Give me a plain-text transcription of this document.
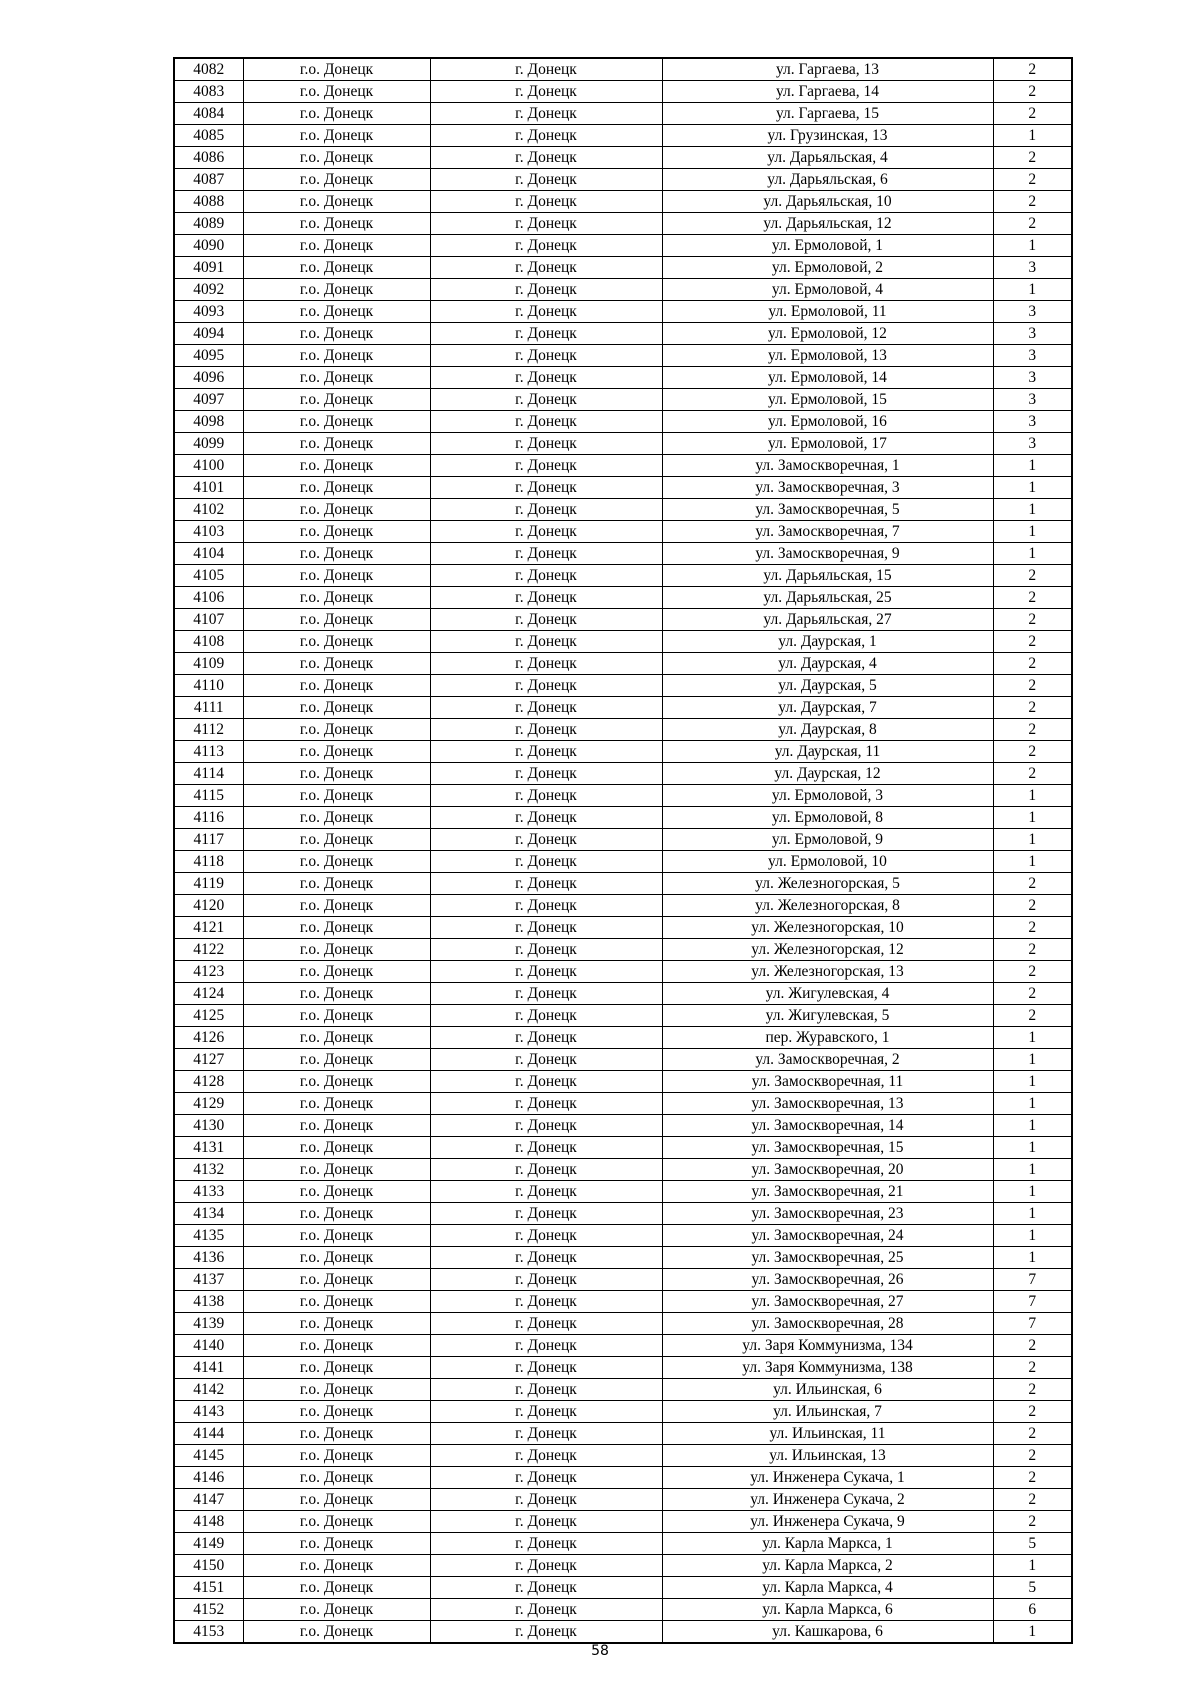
4082	г.о. Донецк	г. Донецк	ул. Гаргаева, 13	2
4083	г.о. Донецк	г. Донецк	ул. Гаргаева, 14	2
4084	г.о. Донецк	г. Донецк	ул. Гаргаева, 15	2
4085	г.о. Донецк	г. Донецк	ул. Грузинская, 13	1
4086	г.о. Донецк	г. Донецк	ул. Дарьяльская, 4	2
4087	г.о. Донецк	г. Донецк	ул. Дарьяльская, 6	2
4088	г.о. Донецк	г. Донецк	ул. Дарьяльская, 10	2
4089	г.о. Донецк	г. Донецк	ул. Дарьяльская, 12	2
4090	г.о. Донецк	г. Донецк	ул. Ермоловой, 1	1
4091	г.о. Донецк	г. Донецк	ул. Ермоловой, 2	3
4092	г.о. Донецк	г. Донецк	ул. Ермоловой, 4	1
4093	г.о. Донецк	г. Донецк	ул. Ермоловой, 11	3
4094	г.о. Донецк	г. Донецк	ул. Ермоловой, 12	3
4095	г.о. Донецк	г. Донецк	ул. Ермоловой, 13	3
4096	г.о. Донецк	г. Донецк	ул. Ермоловой, 14	3
4097	г.о. Донецк	г. Донецк	ул. Ермоловой, 15	3
4098	г.о. Донецк	г. Донецк	ул. Ермоловой, 16	3
4099	г.о. Донецк	г. Донецк	ул. Ермоловой, 17	3
4100	г.о. Донецк	г. Донецк	ул. Замоскворечная, 1	1
4101	г.о. Донецк	г. Донецк	ул. Замоскворечная, 3	1
4102	г.о. Донецк	г. Донецк	ул. Замоскворечная, 5	1
4103	г.о. Донецк	г. Донецк	ул. Замоскворечная, 7	1
4104	г.о. Донецк	г. Донецк	ул. Замоскворечная, 9	1
4105	г.о. Донецк	г. Донецк	ул. Дарьяльская, 15	2
4106	г.о. Донецк	г. Донецк	ул. Дарьяльская, 25	2
4107	г.о. Донецк	г. Донецк	ул. Дарьяльская, 27	2
4108	г.о. Донецк	г. Донецк	ул. Даурская, 1	2
4109	г.о. Донецк	г. Донецк	ул. Даурская, 4	2
4110	г.о. Донецк	г. Донецк	ул. Даурская, 5	2
4111	г.о. Донецк	г. Донецк	ул. Даурская, 7	2
4112	г.о. Донецк	г. Донецк	ул. Даурская, 8	2
4113	г.о. Донецк	г. Донецк	ул. Даурская, 11	2
4114	г.о. Донецк	г. Донецк	ул. Даурская, 12	2
4115	г.о. Донецк	г. Донецк	ул. Ермоловой, 3	1
4116	г.о. Донецк	г. Донецк	ул. Ермоловой, 8	1
4117	г.о. Донецк	г. Донецк	ул. Ермоловой, 9	1
4118	г.о. Донецк	г. Донецк	ул. Ермоловой, 10	1
4119	г.о. Донецк	г. Донецк	ул. Железногорская, 5	2
4120	г.о. Донецк	г. Донецк	ул. Железногорская, 8	2
4121	г.о. Донецк	г. Донецк	ул. Железногорская, 10	2
4122	г.о. Донецк	г. Донецк	ул. Железногорская, 12	2
4123	г.о. Донецк	г. Донецк	ул. Железногорская, 13	2
4124	г.о. Донецк	г. Донецк	ул. Жигулевская, 4	2
4125	г.о. Донецк	г. Донецк	ул. Жигулевская, 5	2
4126	г.о. Донецк	г. Донецк	пер. Журавского, 1	1
4127	г.о. Донецк	г. Донецк	ул. Замоскворечная, 2	1
4128	г.о. Донецк	г. Донецк	ул. Замоскворечная, 11	1
4129	г.о. Донецк	г. Донецк	ул. Замоскворечная, 13	1
4130	г.о. Донецк	г. Донецк	ул. Замоскворечная, 14	1
4131	г.о. Донецк	г. Донецк	ул. Замоскворечная, 15	1
4132	г.о. Донецк	г. Донецк	ул. Замоскворечная, 20	1
4133	г.о. Донецк	г. Донецк	ул. Замоскворечная, 21	1
4134	г.о. Донецк	г. Донецк	ул. Замоскворечная, 23	1
4135	г.о. Донецк	г. Донецк	ул. Замоскворечная, 24	1
4136	г.о. Донецк	г. Донецк	ул. Замоскворечная, 25	1
4137	г.о. Донецк	г. Донецк	ул. Замоскворечная, 26	7
4138	г.о. Донецк	г. Донецк	ул. Замоскворечная, 27	7
4139	г.о. Донецк	г. Донецк	ул. Замоскворечная, 28	7
4140	г.о. Донецк	г. Донецк	ул. Заря Коммунизма, 134	2
4141	г.о. Донецк	г. Донецк	ул. Заря Коммунизма, 138	2
4142	г.о. Донецк	г. Донецк	ул. Ильинская, 6	2
4143	г.о. Донецк	г. Донецк	ул. Ильинская, 7	2
4144	г.о. Донецк	г. Донецк	ул. Ильинская, 11	2
4145	г.о. Донецк	г. Донецк	ул. Ильинская, 13	2
4146	г.о. Донецк	г. Донецк	ул. Инженера Сукача, 1	2
4147	г.о. Донецк	г. Донецк	ул. Инженера Сукача, 2	2
4148	г.о. Донецк	г. Донецк	ул. Инженера Сукача, 9	2
4149	г.о. Донецк	г. Донецк	ул. Карла Маркса, 1	5
4150	г.о. Донецк	г. Донецк	ул. Карла Маркса, 2	1
4151	г.о. Донецк	г. Донецк	ул. Карла Маркса, 4	5
4152	г.о. Донецк	г. Донецк	ул. Карла Маркса, 6	6
4153	г.о. Донецк	г. Донецк	ул. Кашкарова, 6	1
58
